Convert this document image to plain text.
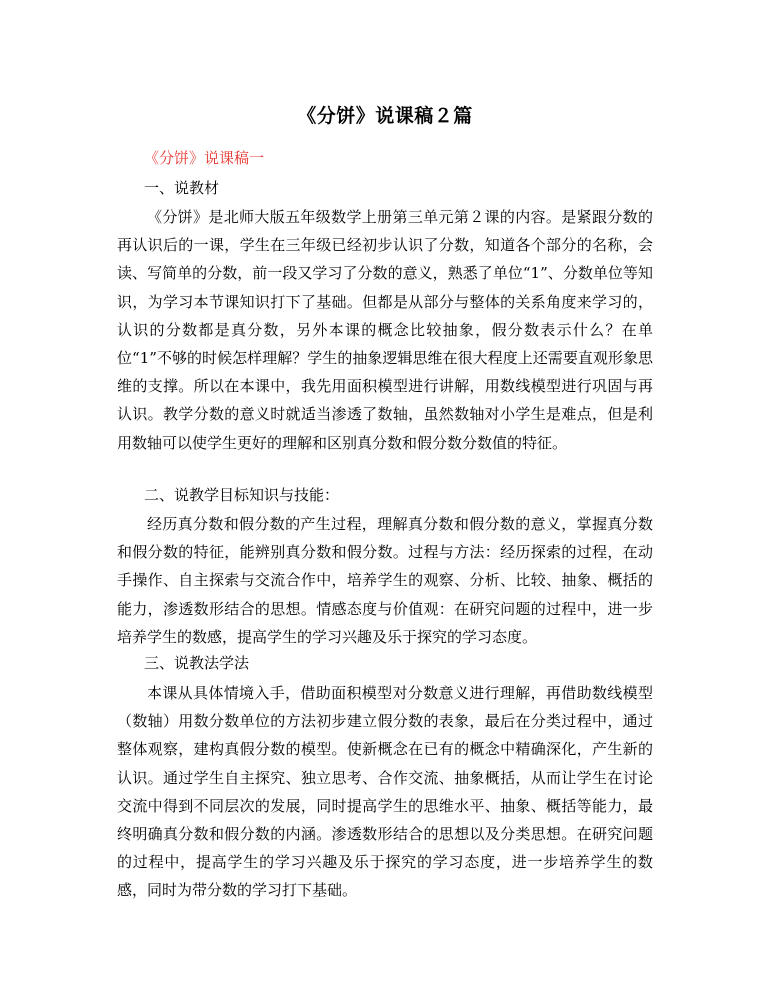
《分饼》说课稿２篇
《分饼》说课稿一
一、说教材

《分饼》是北师大版五年级数学上册第三单元第２课的内容。是紧跟分数的再认识后的一课，学生在三年级已经初步认识了分数，知道各个部分的名称，会读、写简单的分数，前一段又学习了分数的意义，熟悉了单位“1”、分数单位等知识，为学习本节课知识打下了基础。但都是从部分与整体的关系角度来学习的，认识的分数都是真分数，另外本课的概念比较抽象，假分数表示什么？在单位“1”不够的时候怎样理解？学生的抽象逻辑思维在很大程度上还需要直观形象思维的支撑。所以在本课中，我先用面积模型进行讲解，用数线模型进行巩固与再认识。教学分数的意义时就适当渗透了数轴，虽然数轴对小学生是难点，但是利用数轴可以使学生更好的理解和区别真分数和假分数分数值的特征。

二、说教学目标知识与技能：

经历真分数和假分数的产生过程，理解真分数和假分数的意义，掌握真分数和假分数的特征，能辨别真分数和假分数。过程与方法：经历探索的过程，在动手操作、自主探索与交流合作中，培养学生的观察、分析、比较、抽象、概括的能力，渗透数形结合的思想。情感态度与价值观：在研究问题的过程中，进一步培养学生的数感，提高学生的学习兴趣及乐于探究的学习态度。

三、说教法学法

本课从具体情境入手，借助面积模型对分数意义进行理解，再借助数线模型（数轴）用数分数单位的方法初步建立假分数的表象，最后在分类过程中，通过整体观察，建构真假分数的模型。使新概念在已有的概念中精确深化，产生新的认识。通过学生自主探究、独立思考、合作交流、抽象概括，从而让学生在讨论交流中得到不同层次的发展，同时提高学生的思维水平、抽象、概括等能力，最终明确真分数和假分数的内涵。渗透数形结合的思想以及分类思想。在研究问题的过程中，提高学生的学习兴趣及乐于探究的学习态度，进一步培养学生的数感，同时为带分数的学习打下基础。
